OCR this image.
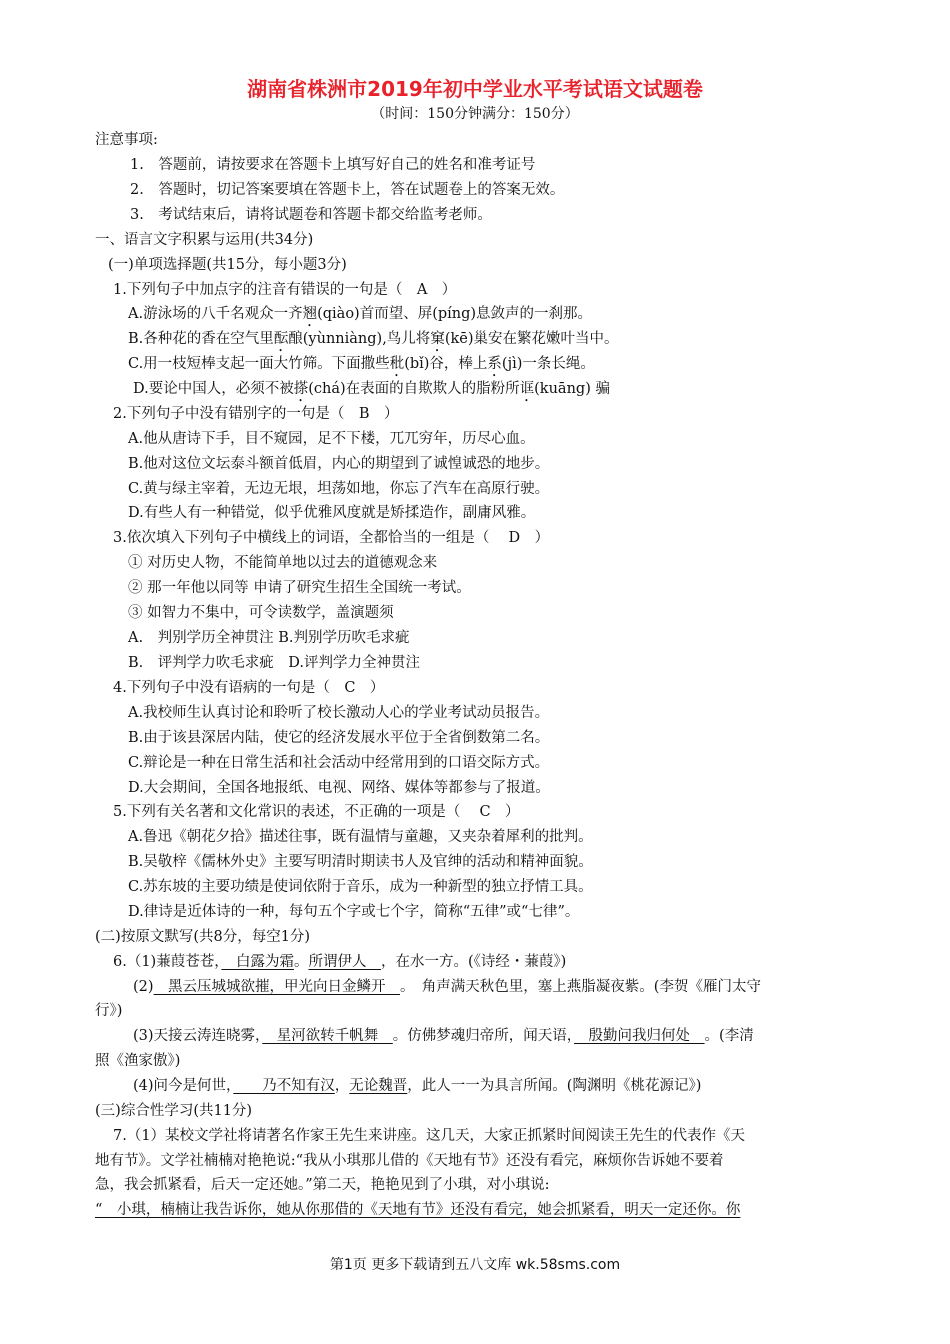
湖南省株洲市2019年初中学业水平考试语文试题卷
（时间：150分钟满分：150分）
注意事项:
1.　答题前，请按要求在答题卡上填写好自己的姓名和准考证号
2.　答题时，切记答案要填在答题卡上，答在试题卷上的答案无效。
3.　考试结束后，请将试题卷和答题卡都交给监考老师。
一、语言文字积累与运用(共34分)
(一)单项选择题(共15分，每小题3分)
1.下列句子中加点字的注音有错误的一句是（　A　）
A.游泳场的八千名观众一齐翘(qiào)首而望、屏(píng)息敛声的一刹那。
B.各种花的香在空气里酝酿(yùnniàng),鸟儿将窠(kē)巢安在繁花嫩叶当中。
C.用一枝短棒支起一面大竹筛。下面撒些秕(bǐ)谷，棒上系(jì)一条长绳。
D.要论中国人，必须不被搽(chá)在表面的自欺欺人的脂粉所诓(kuāng) 骗
2.下列句子中没有错别字的一句是（　B　）
A.他从唐诗下手，目不窥园，足不下楼，兀兀穷年，历尽心血。
B.他对这位文坛泰斗额首低眉，内心的期望到了诚惶诚恐的地步。
C.黄与绿主宰着，无边无垠，坦荡如地，你忘了汽车在高原行驶。
D.有些人有一种错觉，似乎优雅风度就是矫揉造作，副庸风雅。
3.依次填入下列句子中横线上的词语，全都恰当的一组是（　 D　）
① 对历史人物，不能简单地以过去的道德观念来
② 那一年他以同等 申请了研究生招生全国统一考试。
③ 如智力不集中，可令读数学，盖演题须
A.　判别学历全神贯注 B.判别学历吹毛求疵
B.　评判学力吹毛求疵　D.评判学力全神贯注
4.下列句子中没有语病的一句是（　C　）
A.我校师生认真讨论和聆听了校长激动人心的学业考试动员报告。
B.由于该县深居内陆，使它的经济发展水平位于全省倒数第二名。
C.辩论是一种在日常生活和社会活动中经常用到的口语交际方式。
D.大会期间，全国各地报纸、电视、网络、媒体等都参与了报道。
5.下列有关名著和文化常识的表述，不正确的一项是（　 C　）
A.鲁迅《朝花夕拾》描述往事，既有温情与童趣，又夹杂着犀利的批判。
B.吴敬梓《儒林外史》主要写明清时期读书人及官绅的活动和精神面貌。
C.苏东坡的主要功绩是使词依附于音乐，成为一种新型的独立抒情工具。
D.律诗是近体诗的一种，每句五个字或七个字，简称“五律”或“七律”。
(二)按原文默写(共8分，每空1分)
6.（1)蒹葭苍苍，　白露为霜。所谓伊人　，在水一方。(《诗经・蒹葭》)
(2)　黑云压城城欲摧，甲光向日金鳞开　。　角声满天秋色里，塞上燕脂凝夜紫。(李贺《雁门太守
行》)
(3)天接云涛连晓雾，　星河欲转千帆舞　。仿佛梦魂归帝所，闻天语，　殷勤问我归何处　。(李清
照《渔家傲》)
(4)问今是何世，　　乃不知有汉，无论魏晋，此人一一为具言所闻。(陶渊明《桃花源记》)
(三)综合性学习(共11分)
7.（1）某校文学社将请著名作家王先生来讲座。这几天，大家正抓紧时间阅读王先生的代表作《天
地有节》。文学社楠楠对艳艳说:“我从小琪那儿借的《天地有节》还没有看完，麻烦你告诉她不要着
急，我会抓紧看，后天一定还她。”第二天，艳艳见到了小琪，对小琪说:
“　小琪，楠楠让我告诉你，她从你那借的《天地有节》还没有看完，她会抓紧看，明天一定还你。你
第1页 更多下载请到五八文库 wk.58sms.com
